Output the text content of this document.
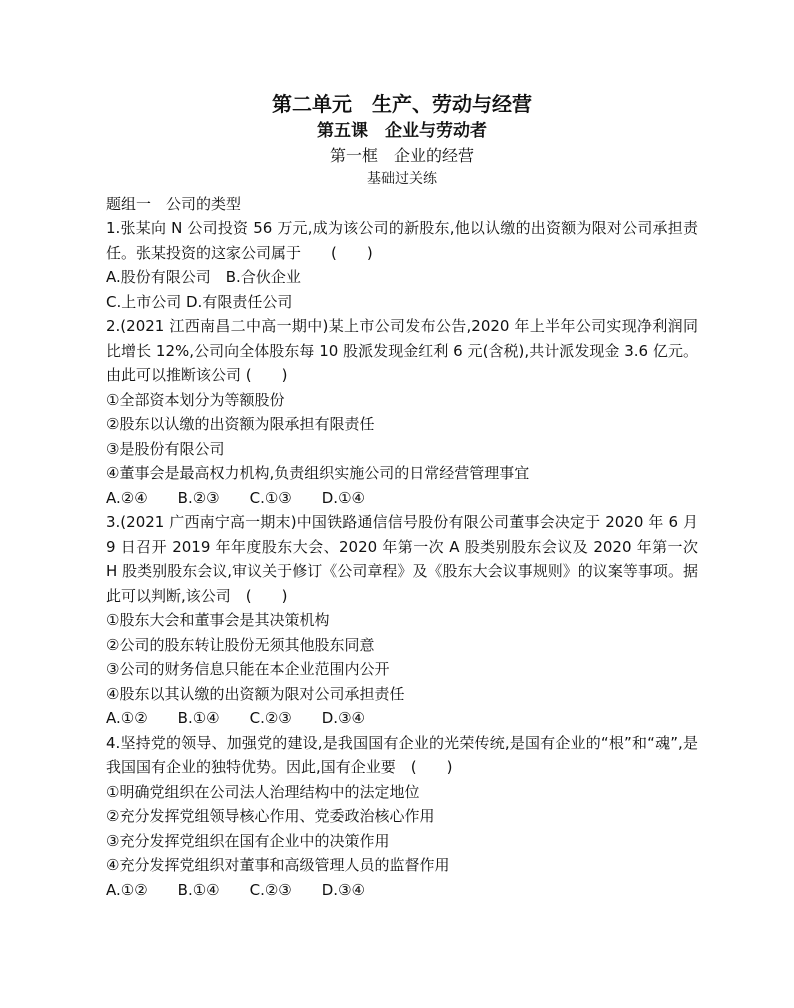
第二单元　生产、劳动与经营

第五课　企业与劳动者

第一框　企业的经营

基础过关练

题组一　公司的类型

1.张某向 N 公司投资 56 万元,成为该公司的新股东,他以认缴的出资额为限对公司承担责任。张某投资的这家公司属于　　(　　)

A.股份有限公司　B.合伙企业

C.上市公司 D.有限责任公司

2.(2021 江西南昌二中高一期中)某上市公司发布公告,2020 年上半年公司实现净利润同比增长 12%,公司向全体股东每 10 股派发现金红利 6 元(含税),共计派发现金 3.6 亿元。由此可以推断该公司 (　　)

①全部资本划分为等额股份

②股东以认缴的出资额为限承担有限责任

③是股份有限公司

④董事会是最高权力机构,负责组织实施公司的日常经营管理事宜

A.②④　　B.②③　　C.①③　　D.①④

3.(2021 广西南宁高一期末)中国铁路通信信号股份有限公司董事会决定于 2020 年 6 月 9 日召开 2019 年年度股东大会、2020 年第一次 A 股类别股东会议及 2020 年第一次 H 股类别股东会议,审议关于修订《公司章程》及《股东大会议事规则》的议案等事项。据此可以判断,该公司　(　　)

①股东大会和董事会是其决策机构

②公司的股东转让股份无须其他股东同意

③公司的财务信息只能在本企业范围内公开

④股东以其认缴的出资额为限对公司承担责任

A.①②　　B.①④　　C.②③　　D.③④

4.坚持党的领导、加强党的建设,是我国国有企业的光荣传统,是国有企业的“根”和“魂”,是我国国有企业的独特优势。因此,国有企业要　(　　)

①明确党组织在公司法人治理结构中的法定地位

②充分发挥党组领导核心作用、党委政治核心作用

③充分发挥党组织在国有企业中的决策作用

④充分发挥党组织对董事和高级管理人员的监督作用

A.①②　　B.①④　　C.②③　　D.③④
